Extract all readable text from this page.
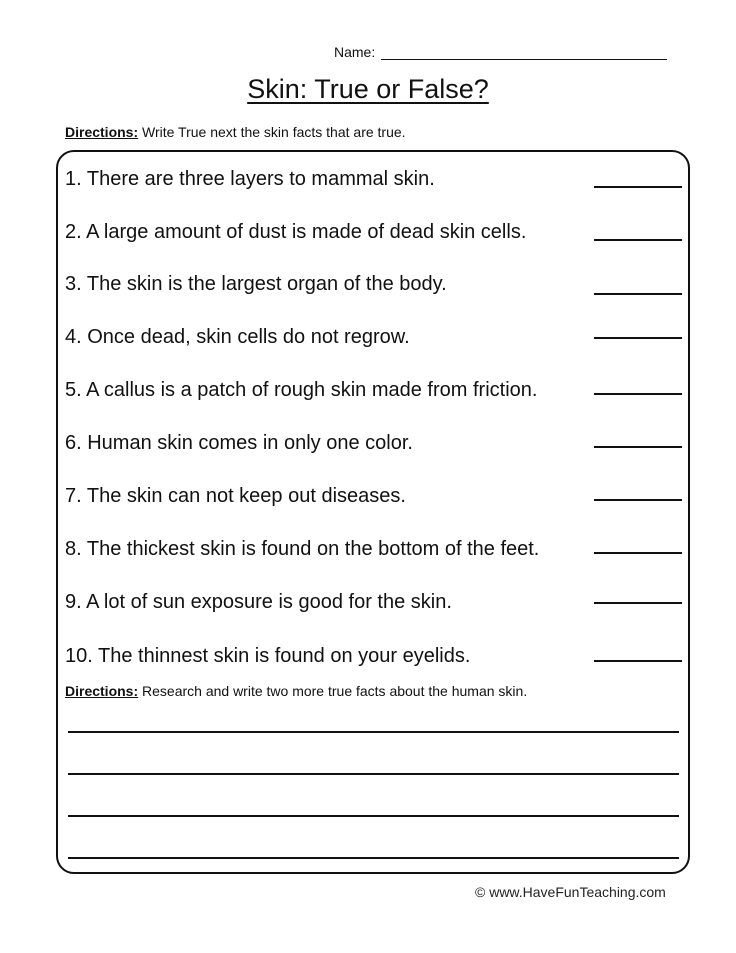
Name:
Skin: True or False?
Directions: Write True next the skin facts that are true.
1. There are three layers to mammal skin.
2. A large amount of dust is made of dead skin cells.
3. The skin is the largest organ of the body.
4. Once dead, skin cells do not regrow.
5. A callus is a patch of rough skin made from friction.
6. Human skin comes in only one color.
7. The skin can not keep out diseases.
8. The thickest skin is found on the bottom of the feet.
9. A lot of sun exposure is good for the skin.
10. The thinnest skin is found on your eyelids.
Directions: Research and write two more true facts about the human skin.
© www.HaveFunTeaching.com
